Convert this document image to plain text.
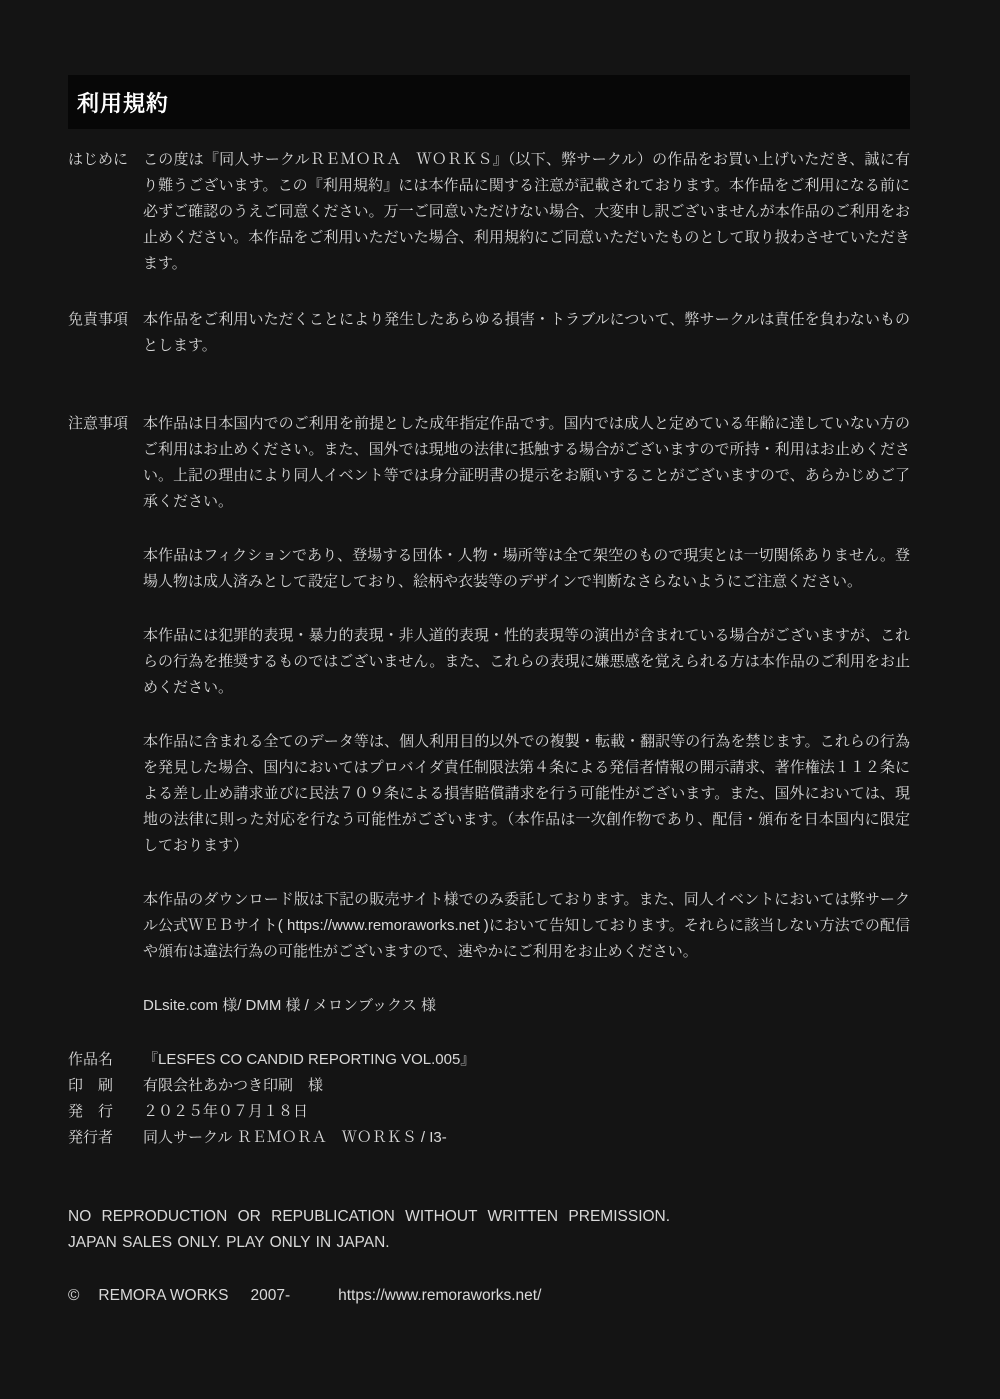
利用規約
はじめに この度は『同人サークルＲＥＭＯＲＡ　ＷＯＲＫＳ』（以下、弊サークル）の作品をお買い上げいただき、誠に有り難うございます。この『利用規約』には本作品に関する注意が記載されております。本作品をご利用になる前に必ずご確認のうえご同意ください。万一ご同意いただけない場合、大変申し訳ございませんが本作品のご利用をお止めください。本作品をご利用いただいた場合、利用規約にご同意いただいたものとして取り扱わさせていただきます。
免責事項 本作品をご利用いただくことにより発生したあらゆる損害・トラブルについて、弊サークルは責任を負わないものとします。
注意事項 本作品は日本国内でのご利用を前提とした成年指定作品です。国内では成人と定めている年齢に達していない方のご利用はお止めください。また、国外では現地の法律に抵触する場合がございますので所持・利用はお止めください。上記の理由により同人イベント等では身分証明書の提示をお願いすることがございますので、あらかじめご了承ください。
本作品はフィクションであり、登場する団体・人物・場所等は全て架空のもので現実とは一切関係ありません。登場人物は成人済みとして設定しており、絵柄や衣装等のデザインで判断なさらないようにご注意ください。
本作品には犯罪的表現・暴力的表現・非人道的表現・性的表現等の演出が含まれている場合がございますが、これらの行為を推奨するものではございません。また、これらの表現に嫌悪感を覚えられる方は本作品のご利用をお止めください。
本作品に含まれる全てのデータ等は、個人利用目的以外での複製・転載・翻訳等の行為を禁じます。これらの行為を発見した場合、国内においてはプロバイダ責任制限法第４条による発信者情報の開示請求、著作権法１１２条による差し止め請求並びに民法７０９条による損害賠償請求を行う可能性がございます。また、国外においては、現地の法律に則った対応を行なう可能性がございます。（本作品は一次創作物であり、配信・頒布を日本国内に限定しております）
本作品のダウンロード版は下記の販売サイト様でのみ委託しております。また、同人イベントにおいては弊サークル公式ＷＥＢサイト( https://www.remoraworks.net )において告知しております。それらに該当しない方法での配信や頒布は違法行為の可能性がございますので、速やかにご利用をお止めください。
DLsite.com 様/ DMM 様 / メロンブックス 様
作品名	『LESFES CO CANDID REPORTING VOL.005』
印　刷	有限会社あかつき印刷　様
発　行	２０２５年０７月１８日
発行者	同人サークル ＲＥＭＯＲＡ　ＷＯＲＫＳ / I3-
NO REPRODUCTION OR REPUBLICATION WITHOUT WRITTEN PREMISSION.
JAPAN SALES ONLY. PLAY ONLY IN JAPAN.
© REMORA WORKS 2007-	https://www.remoraworks.net/
